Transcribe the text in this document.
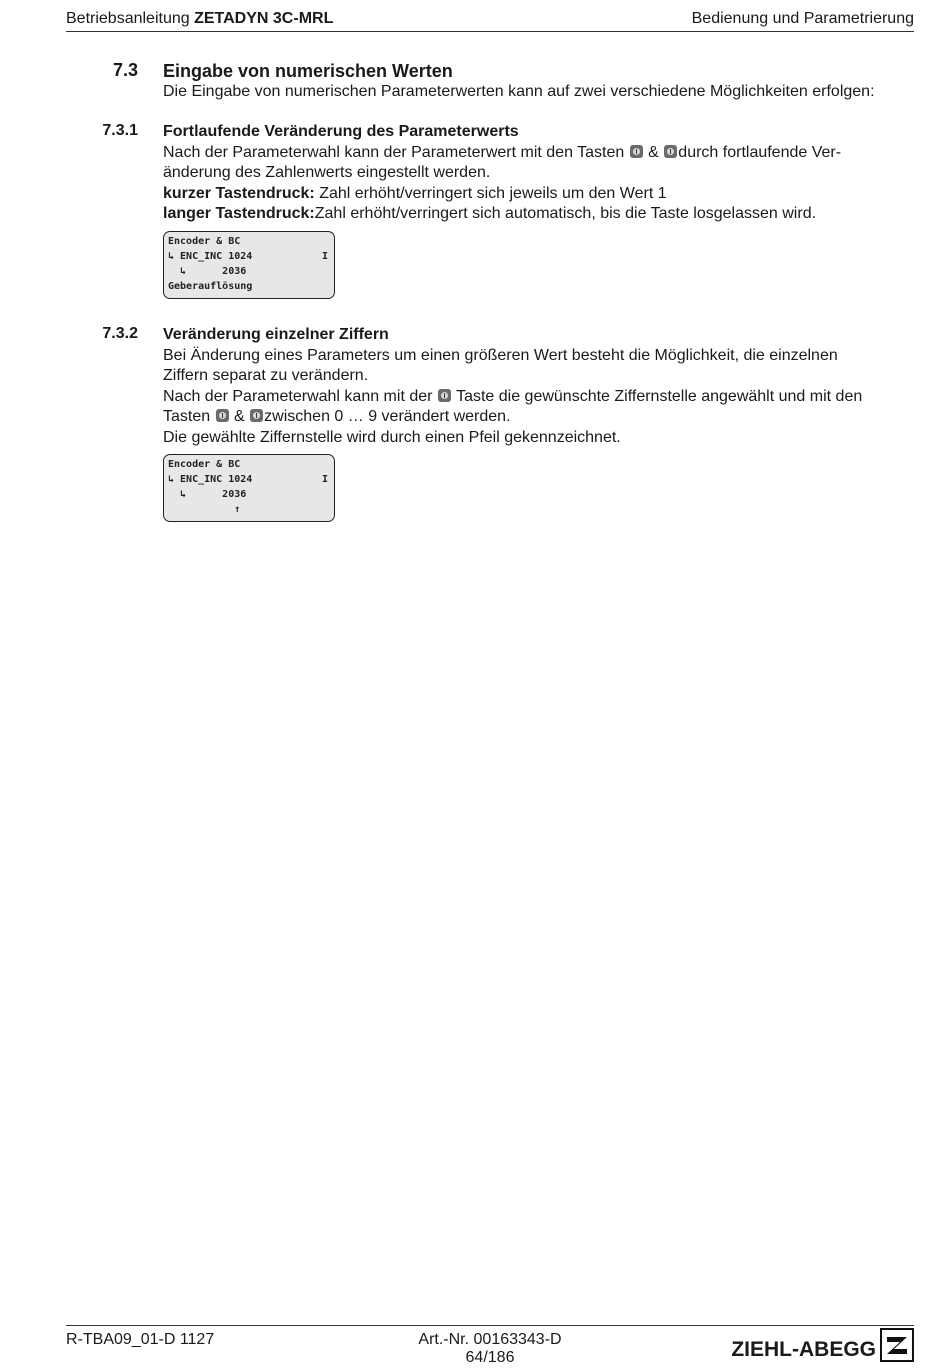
Betriebsanleitung ZETADYN 3C-MRL	Bedienung und Parametrierung
7.3 Eingabe von numerischen Werten
Die Eingabe von numerischen Parameterwerten kann auf zwei verschiedene Möglichkeiten erfolgen:
7.3.1 Fortlaufende Veränderung des Parameterwerts
Nach der Parameterwahl kann der Parameterwert mit den Tasten & durch fortlaufende Ver-
änderung des Zahlenwerts eingestellt werden.
kurzer Tastendruck: Zahl erhöht/verringert sich jeweils um den Wert 1
langer Tastendruck:Zahl erhöht/verringert sich automatisch, bis die Taste losgelassen wird.
Encoder & BC
↳ ENC_INC 1024	I
↳      2036
Geberauflösung
7.3.2 Veränderung einzelner Ziffern
Bei Änderung eines Parameters um einen größeren Wert besteht die Möglichkeit, die einzelnen
Ziffern separat zu verändern.
Nach der Parameterwahl kann mit der Taste die gewünschte Ziffernstelle angewählt und mit den
Tasten & zwischen 0 … 9 verändert werden.
Die gewählte Ziffernstelle wird durch einen Pfeil gekennzeichnet.
Encoder & BC
↳ ENC_INC 1024	I
↳      2036
↑
R-TBA09_01-D 1127	Art.-Nr. 00163343-D
64/186	ZIEHL-ABEGG
